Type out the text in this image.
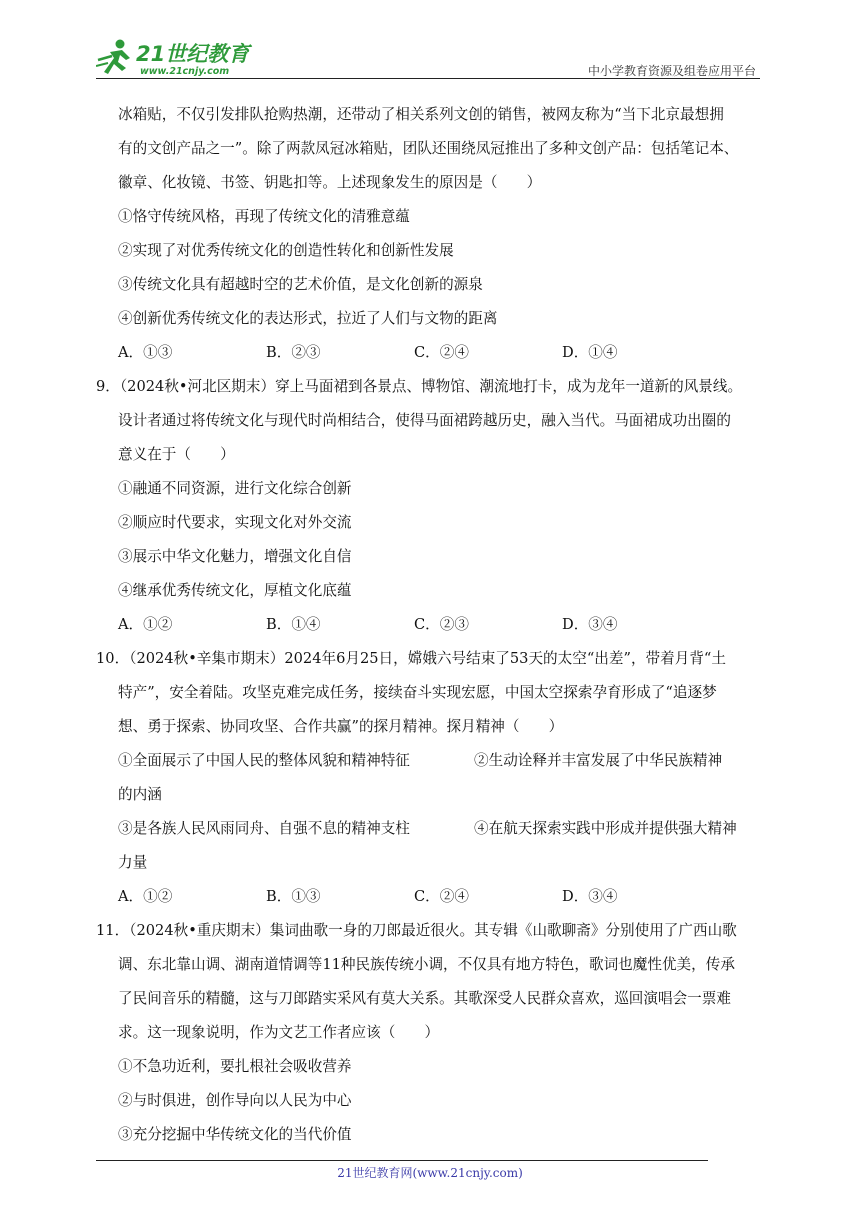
21世纪教育
www.21cnjy.com	中小学教育资源及组卷应用平台
冰箱贴，不仅引发排队抢购热潮，还带动了相关系列文创的销售，被网友称为“当下北京最想拥
有的文创产品之一”。除了两款凤冠冰箱贴，团队还围绕凤冠推出了多种文创产品：包括笔记本、
徽章、化妆镜、书签、钥匙扣等。上述现象发生的原因是（　　）
①恪守传统风格，再现了传统文化的清雅意蕴
②实现了对优秀传统文化的创造性转化和创新性发展
③传统文化具有超越时空的艺术价值，是文化创新的源泉
④创新优秀传统文化的表达形式，拉近了人们与文物的距离
A．①③	B．②③	C．②④	D．①④
9．（2024秋•河北区期末）穿上马面裙到各景点、博物馆、潮流地打卡，成为龙年一道新的风景线。
设计者通过将传统文化与现代时尚相结合，使得马面裙跨越历史，融入当代。马面裙成功出圈的
意义在于（　　）
①融通不同资源，进行文化综合创新
②顺应时代要求，实现文化对外交流
③展示中华文化魅力，增强文化自信
④继承优秀传统文化，厚植文化底蕴
A．①②	B．①④	C．②③	D．③④
10．（2024秋•辛集市期末）2024年6月25日，嫦娥六号结束了53天的太空“出差”，带着月背“土
特产”，安全着陆。攻坚克难完成任务，接续奋斗实现宏愿，中国太空探索孕育形成了“追逐梦
想、勇于探索、协同攻坚、合作共赢”的探月精神。探月精神（　　）
①全面展示了中国人民的整体风貌和精神特征	②生动诠释并丰富发展了中华民族精神
的内涵
③是各族人民风雨同舟、自强不息的精神支柱	④在航天探索实践中形成并提供强大精神
力量
A．①②	B．①③	C．②④	D．③④
11．（2024秋•重庆期末）集词曲歌一身的刀郎最近很火。其专辑《山歌聊斋》分别使用了广西山歌
调、东北靠山调、湖南道情调等11种民族传统小调，不仅具有地方特色，歌词也魔性优美，传承
了民间音乐的精髓，这与刀郎踏实采风有莫大关系。其歌深受人民群众喜欢，巡回演唱会一票难
求。这一现象说明，作为文艺工作者应该（　　）
①不急功近利，要扎根社会吸收营养
②与时俱进，创作导向以人民为中心
③充分挖掘中华传统文化的当代价值
21世纪教育网(www.21cnjy.com)
